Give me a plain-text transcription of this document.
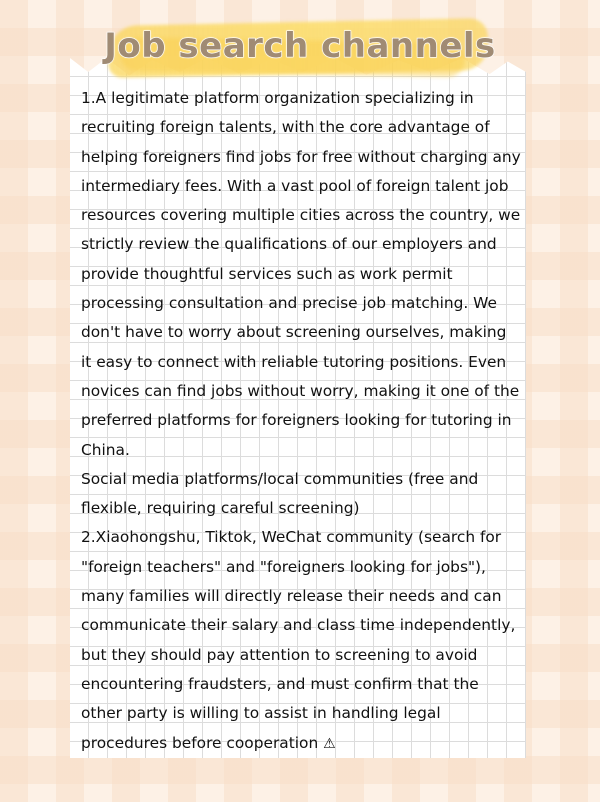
Job search channels

1.A legitimate platform organization specializing in recruiting foreign talents, with the core advantage of helping foreigners find jobs for free without charging any intermediary fees. With a vast pool of foreign talent job resources covering multiple cities across the country, we strictly review the qualifications of our employers and provide thoughtful services such as work permit processing consultation and precise job matching. We don't have to worry about screening ourselves, making it easy to connect with reliable tutoring positions. Even novices can find jobs without worry, making it one of the preferred platforms for foreigners looking for tutoring in China.

Social media platforms/local communities (free and flexible, requiring careful screening)

2.Xiaohongshu, Tiktok, WeChat community (search for "foreign teachers" and "foreigners looking for jobs"), many families will directly release their needs and can communicate their salary and class time independently, but they should pay attention to screening to avoid encountering fraudsters, and must confirm that the other party is willing to assist in handling legal procedures before cooperation ⚠
